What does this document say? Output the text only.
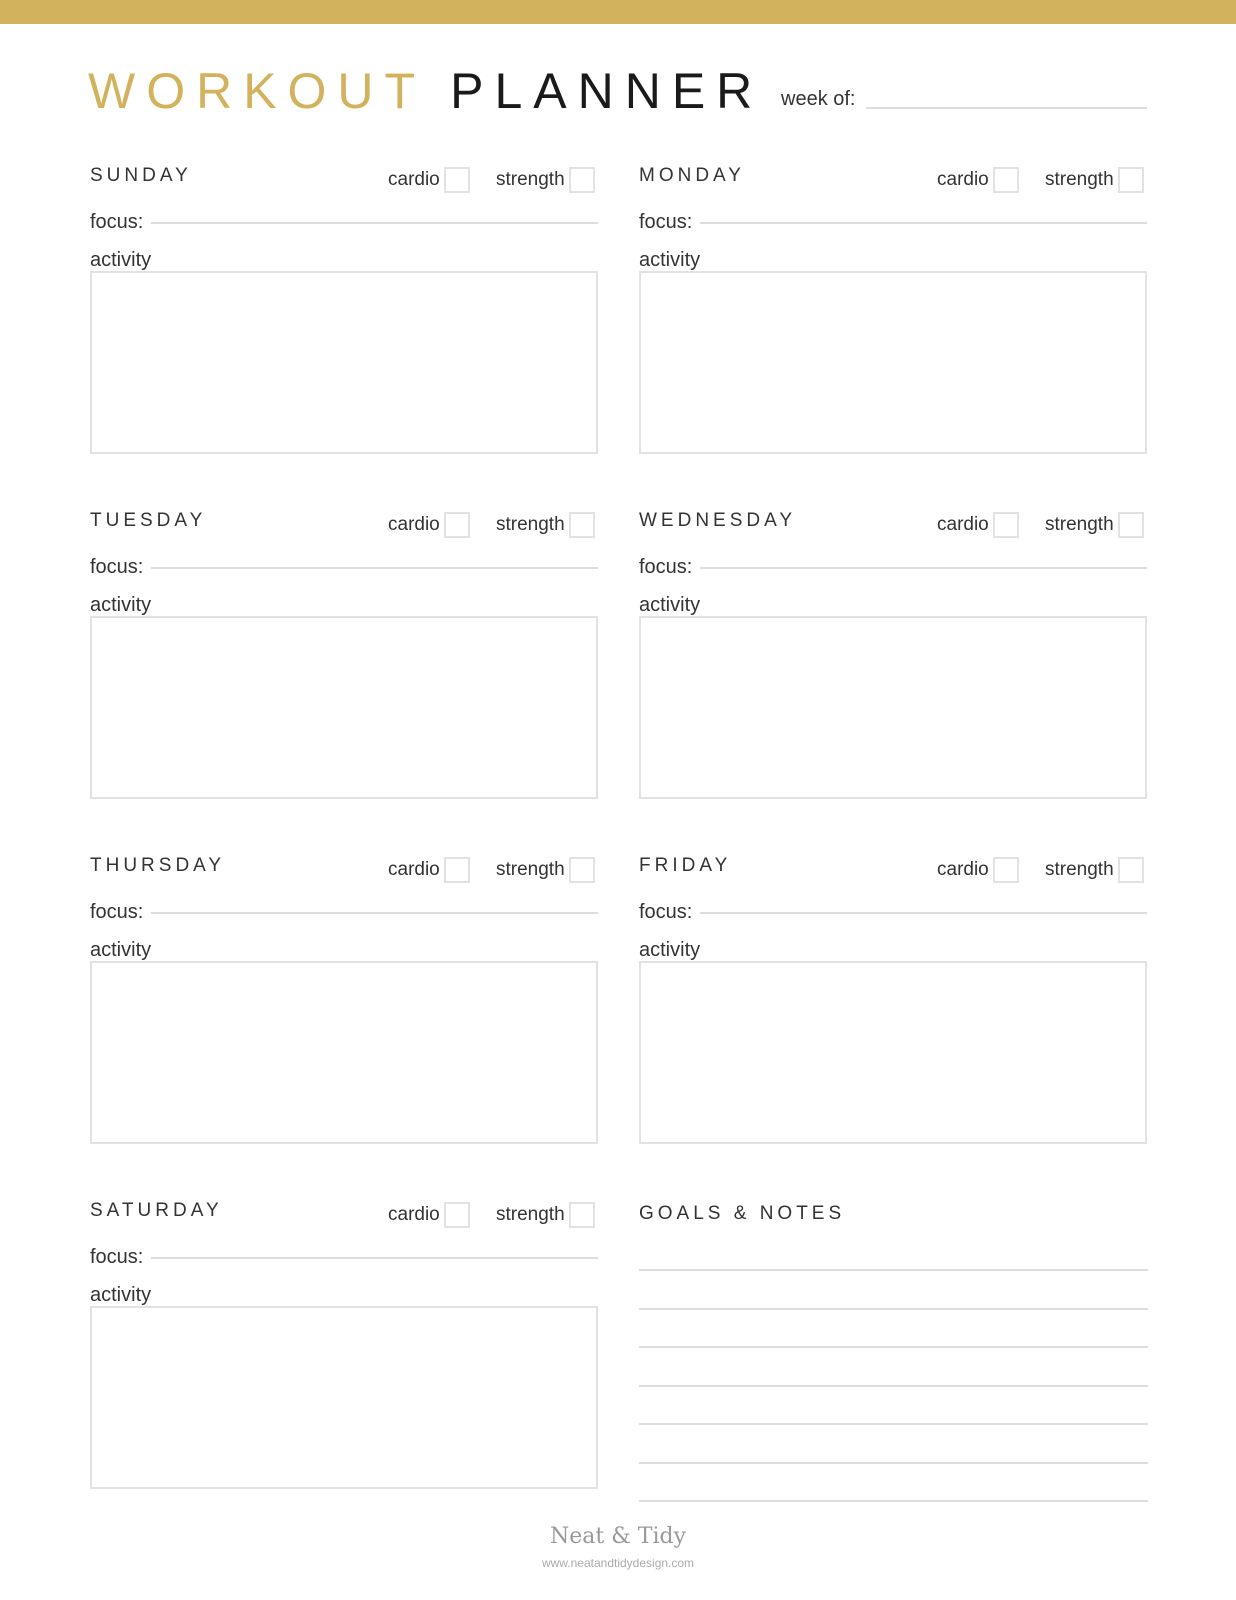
WORKOUT PLANNER week of:
SUNDAY	cardio	strength
focus:
activity
MONDAY	cardio	strength
focus:
activity
TUESDAY	cardio	strength
focus:
activity
WEDNESDAY	cardio	strength
focus:
activity
THURSDAY	cardio	strength
focus:
activity
FRIDAY	cardio	strength
focus:
activity
SATURDAY	cardio	strength
focus:
activity
GOALS & NOTES
Neat & Tidy
www.neatandtidydesign.com
